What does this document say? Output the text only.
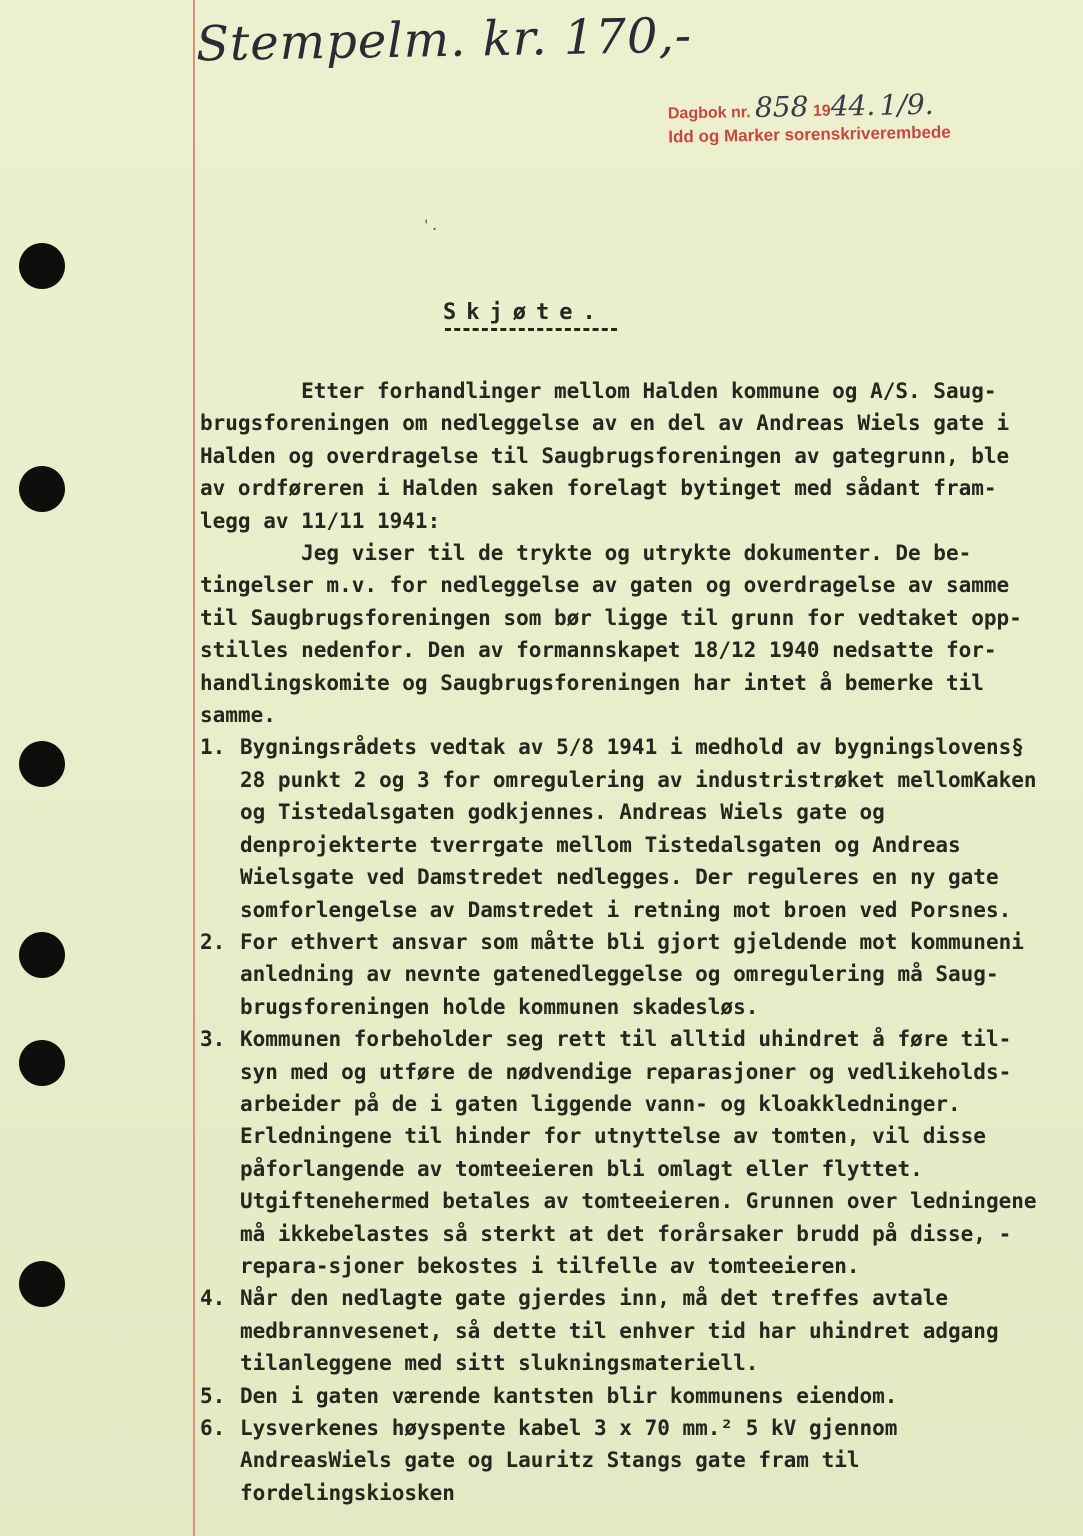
Stempelm. kr. 170,-
Dagbok nr. 858 1944. 1/9.
Idd og Marker sorenskriverembede
'.
Skjøte.
Etter forhandlinger mellom Halden kommune og A/S. Saug-
brugsforeningen om nedleggelse av en del av Andreas Wiels gate i
Halden og overdragelse til Saugbrugsforeningen av gategrunn, ble
av ordføreren i Halden saken forelagt bytinget med sådant fram-
legg av 11/11 1941:
Jeg viser til de trykte og utrykte dokumenter. De be-
tingelser m.v. for nedleggelse av gaten og overdragelse av samme
til Saugbrugsforeningen som bør ligge til grunn for vedtaket opp-
stilles nedenfor. Den av formannskapet 18/12 1940 nedsatte for-
handlingskomite og Saugbrugsforeningen har intet å bemerke til
samme.
1. Bygningsrådets vedtak av 5/8 1941 i medhold av bygningslovens§ 28 punkt 2 og 3 for omregulering av industristrøket mellomKaken og Tistedalsgaten godkjennes. Andreas Wiels gate og denprojekterte tverrgate mellom Tistedalsgaten og Andreas Wielsgate ved Damstredet nedlegges. Der reguleres en ny gate somforlengelse av Damstredet i retning mot broen ved Porsnes.
2. For ethvert ansvar som måtte bli gjort gjeldende mot kommuneni anledning av nevnte gatenedleggelse og omregulering må Saug-brugsforeningen holde kommunen skadesløs.
3. Kommunen forbeholder seg rett til alltid uhindret å føre til-syn med og utføre de nødvendige reparasjoner og vedlikeholds-arbeider på de i gaten liggende vann- og kloakkledninger. Erledningene til hinder for utnyttelse av tomten, vil disse påforlangende av tomteeieren bli omlagt eller flyttet. Utgiftenehermed betales av tomteeieren. Grunnen over ledningene må ikkebelastes så sterkt at det forårsaker brudd på disse, - repara-sjoner bekostes i tilfelle av tomteeieren.
4. Når den nedlagte gate gjerdes inn, må det treffes avtale medbrannvesenet, så dette til enhver tid har uhindret adgang tilanleggene med sitt slukningsmateriell.
5. Den i gaten værende kantsten blir kommunens eiendom.
6. Lysverkenes høyspente kabel 3 x 70 mm.² 5 kV gjennom AndreasWiels gate og Lauritz Stangs gate fram til fordelingskiosken
